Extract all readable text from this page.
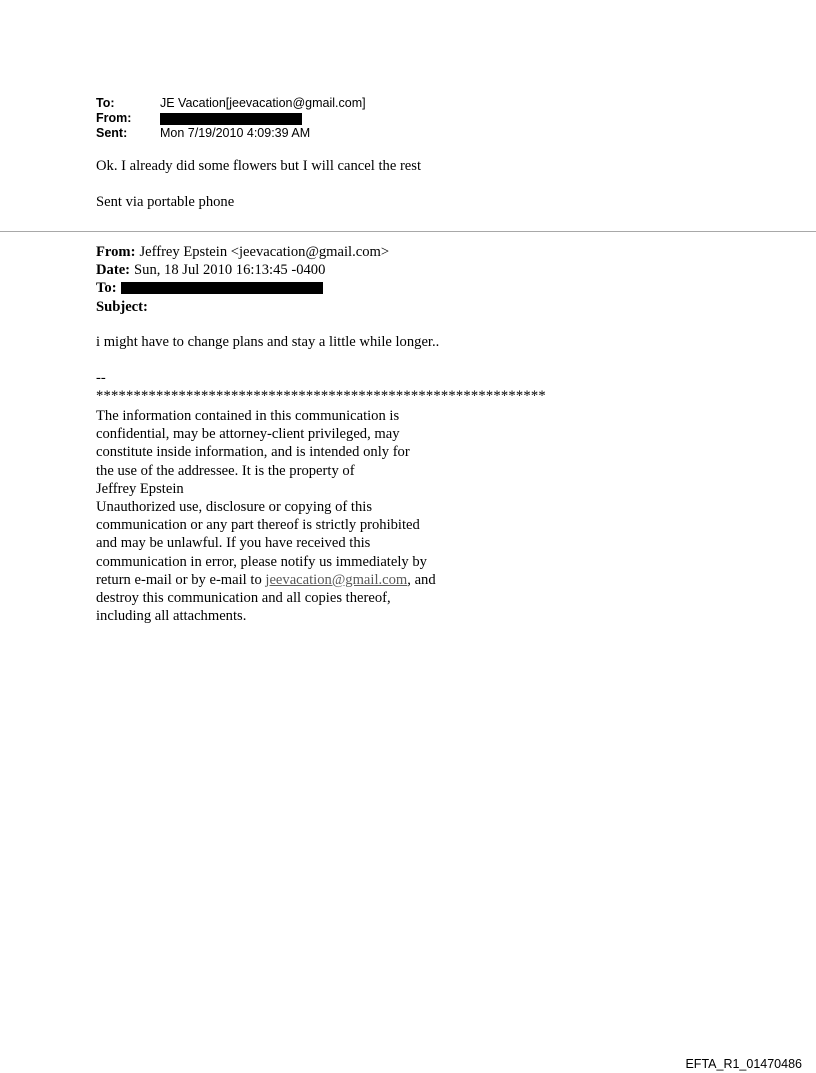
To:	JE Vacation[jeevacation@gmail.com]
From:
Sent:	Mon 7/19/2010 4:09:39 AM
Ok. I already did some flowers but I will cancel the rest
Sent via portable phone
From: Jeffrey Epstein <jeevacation@gmail.com>
Date: Sun, 18 Jul 2010 16:13:45 -0400
To:
Subject:
i might have to change plans and stay a little while longer..
--
************************************************************
The information contained in this communication is
confidential, may be attorney-client privileged, may
constitute inside information, and is intended only for
the use of the addressee. It is the property of
Jeffrey Epstein
Unauthorized use, disclosure or copying of this
communication or any part thereof is strictly prohibited
and may be unlawful. If you have received this
communication in error, please notify us immediately by
return e-mail or by e-mail to jeevacation@gmail.com, and
destroy this communication and all copies thereof,
including all attachments.
EFTA_R1_01470486
